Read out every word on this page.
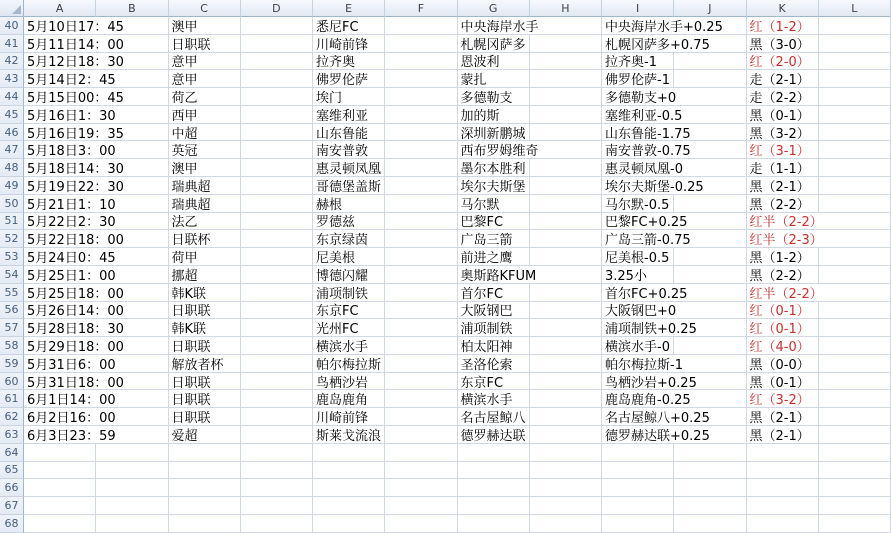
A	B	C	D	E	F	G	H	I	J	K	L
40 5月10日17：45	澳甲	悉尼FC	中央海岸水手	中央海岸水手+0.25 红（1-2）
41 5月11日14：00	日职联	川崎前锋	札幌冈萨多	札幌冈萨多+0.75	黑（3-0）
42 5月12日18：30	意甲	拉齐奥	恩波利	拉齐奥-1	红（2-0）
43 5月14日2：45	意甲	佛罗伦萨	蒙扎	佛罗伦萨-1	走（2-1）
44 5月15日00：45	荷乙	埃门	多德勒支	多德勒支+0	走（2-2）
45 5月16日1：30	西甲	塞维利亚	加的斯	塞维利亚-0.5	黑（0-1）
46 5月16日19：35	中超	山东鲁能	深圳新鹏城	山东鲁能-1.75	黑（3-2）
47 5月18日3：00	英冠	南安普敦	西布罗姆维奇	南安普敦-0.75	红（3-1）
48 5月18日14：30	澳甲	惠灵顿凤凰	墨尔本胜利	惠灵顿凤凰-0	走（1-1）
49 5月19日22：30	瑞典超	哥德堡盖斯	埃尔夫斯堡	埃尔夫斯堡-0.25	黑（2-1）
50 5月21日1：10	瑞典超	赫根	马尔默	马尔默-0.5	黑（2-2）
51 5月22日2：30	法乙	罗德兹	巴黎FC	巴黎FC+0.25	红半（2-2）
52 5月22日18：00	日联杯	东京绿茵	广岛三箭	广岛三箭-0.75	红半（2-3）
53 5月24日0：45	荷甲	尼美根	前进之鹰	尼美根-0.5	黑（1-2）
54 5月25日1：00	挪超	博德闪耀	奥斯路KFUM	3.25小	黑（2-2）
55 5月25日18：00	韩K联	浦项制铁	首尔FC	首尔FC+0.25	红半（2-2）
56 5月26日14：00	日职联	东京FC	大阪钢巴	大阪钢巴+0	红（0-1）
57 5月28日18：30	韩K联	光州FC	浦项制铁	浦项制铁+0.25	红（0-1）
58 5月29日18：00	日职联	横滨水手	柏太阳神	横滨水手-0	红（4-0）
59 5月31日6：00	解放者杯	帕尔梅拉斯	圣洛伦索	帕尔梅拉斯-1	黑（0-0）
60 5月31日18：00	日职联	鸟栖沙岩	东京FC	鸟栖沙岩+0.25	黑（0-1）
61 6月1日14：00	日职联	鹿岛鹿角	横滨水手	鹿岛鹿角-0.25	红（3-2）
62 6月2日16：00	日职联	川崎前锋	名古屋鲸八	名古屋鲸八+0.25	黑（2-1）
63 6月3日23：59	爱超	斯莱戈流浪	德罗赫达联	德罗赫达联+0.25	黑（2-1）
64
65
66
67
68
